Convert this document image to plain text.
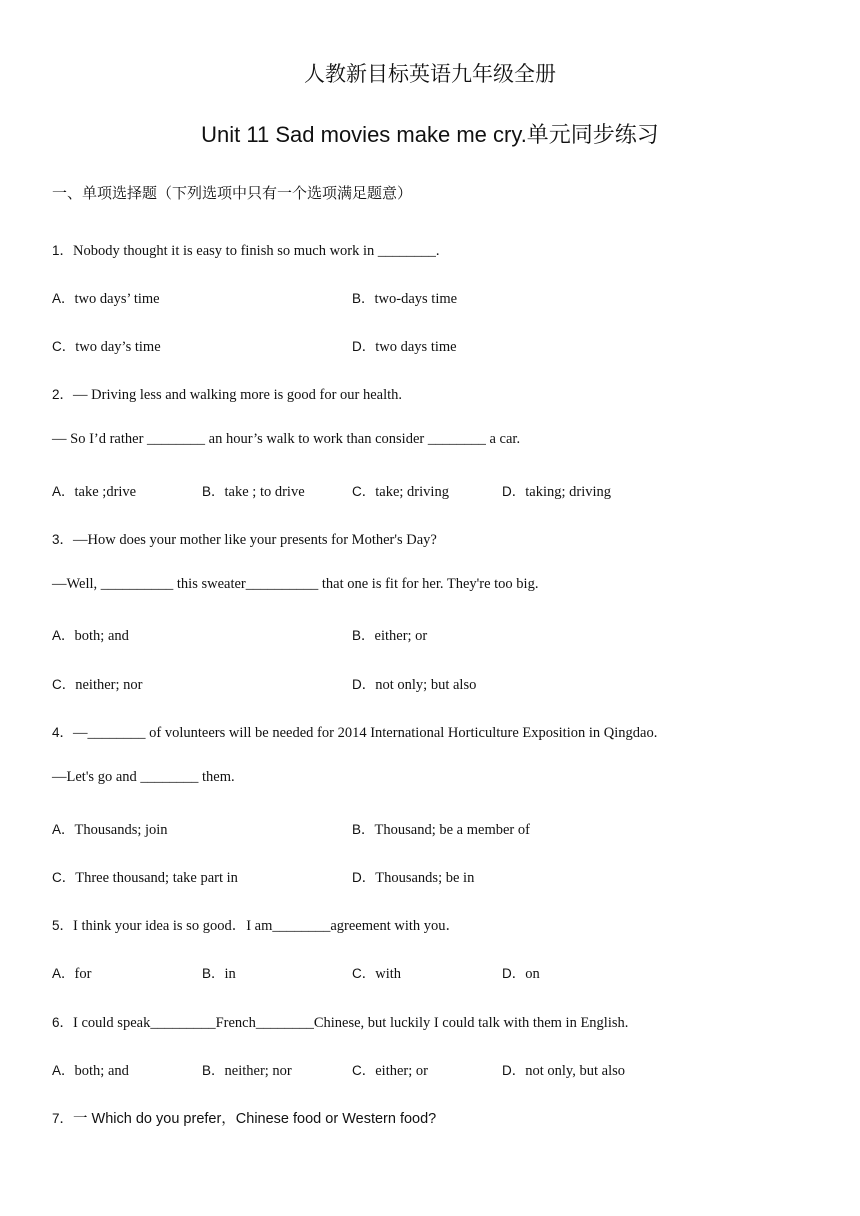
人教新目标英语九年级全册
Unit 11 Sad movies make me cry.单元同步练习
一、单项选择题（下列选项中只有一个选项满足题意）
1．Nobody thought it is easy to finish so much work in ________.
A．two days’ time	B．two-days time
C．two day’s time	D．two days time
2．— Driving less and walking more is good for our health.
— So I’d rather ________ an hour’s walk to work than consider ________ a car.
A．take ;drive	B．take ; to drive	C．take; driving	D．taking; driving
3．—How does your mother like your presents for Mother's Day?
—Well, __________ this sweater__________ that one is fit for her. They're too big.
A．both; and	B．either; or
C．neither; nor	D．not only; but also
4．—________ of volunteers will be needed for 2014 International Horticulture Exposition in Qingdao.
—Let's go and ________ them.
A．Thousands; join	B．Thousand; be a member of
C．Three thousand; take part in	D．Thousands; be in
5．I think your idea is so good．I am________agreement with you．
A．for	B．in	C．with	D．on
6．I could speak_________French________Chinese, but luckily I could talk with them in English.
A．both; and	B．neither; nor	C．either; or	D．not only, but also
7．一 Which do you prefer，Chinese food or Western food?
